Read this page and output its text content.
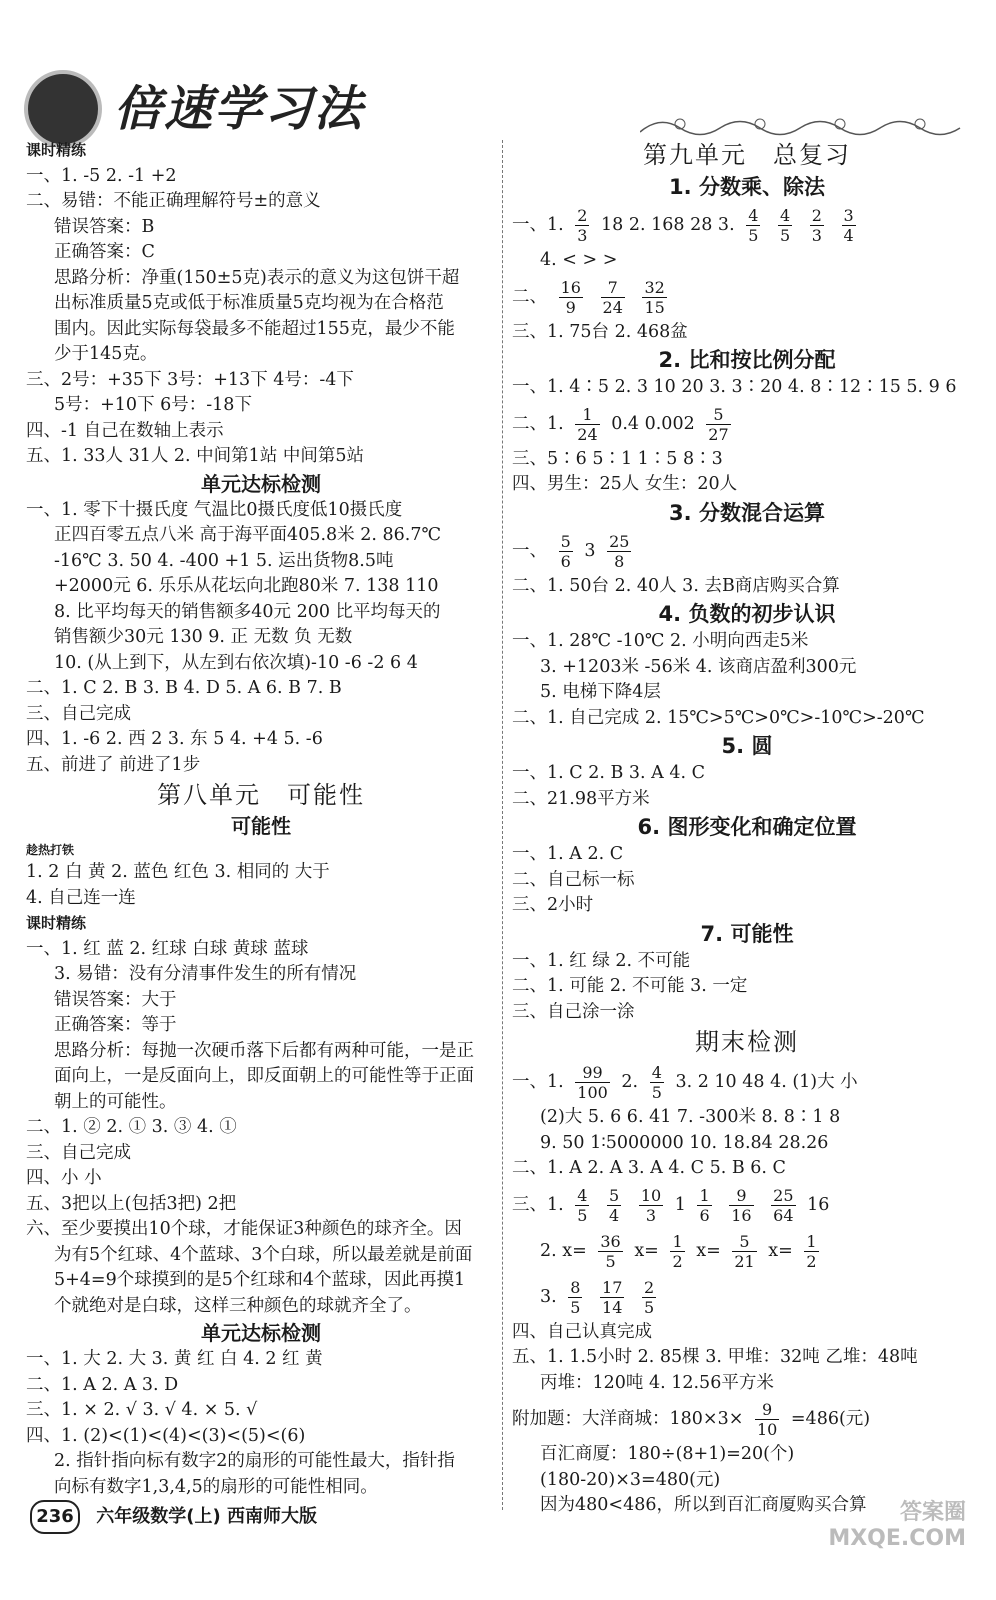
倍速学习法
课时精练
一、1. -5 2. -1 +2
二、易错：不能正确理解符号±的意义
错误答案：B
正确答案：C
思路分析：净重(150±5克)表示的意义为这包饼干超
出标准质量5克或低于标准质量5克均视为在合格范
围内。因此实际每袋最多不能超过155克，最少不能
少于145克。
三、2号：+35下 3号：+13下 4号：-4下
5号：+10下 6号：-18下
四、-1 自己在数轴上表示
五、1. 33人 31人 2. 中间第1站 中间第5站
单元达标检测
一、1. 零下十摄氏度 气温比0摄氏度低10摄氏度
正四百零五点八米 高于海平面405.8米 2. 86.7℃
-16℃ 3. 50 4. -400 +1 5. 运出货物8.5吨
+2000元 6. 乐乐从花坛向北跑80米 7. 138 110
8. 比平均每天的销售额多40元 200 比平均每天的
销售额少30元 130 9. 正 无数 负 无数
10. (从上到下，从左到右依次填)-10 -6 -2 6 4
二、1. C 2. B 3. B 4. D 5. A 6. B 7. B
三、自己完成
四、1. -6 2. 西 2 3. 东 5 4. +4 5. -6
五、前进了 前进了1步
第八单元　可能性
可能性
趁热打铁
1. 2 白 黄 2. 蓝色 红色 3. 相同的 大于
4. 自己连一连
课时精练
一、1. 红 蓝 2. 红球 白球 黄球 蓝球
3. 易错：没有分清事件发生的所有情况
错误答案：大于
正确答案：等于
思路分析：每抛一次硬币落下后都有两种可能，一是正
面向上，一是反面向上，即反面朝上的可能性等于正面
朝上的可能性。
二、1. ② 2. ① 3. ③ 4. ①
三、自己完成
四、小 小
五、3把以上(包括3把) 2把
六、至少要摸出10个球，才能保证3种颜色的球齐全。因
为有5个红球、4个蓝球、3个白球，所以最差就是前面
5+4=9个球摸到的是5个红球和4个蓝球，因此再摸1
个就绝对是白球，这样三种颜色的球就齐全了。
单元达标检测
一、1. 大 2. 大 3. 黄 红 白 4. 2 红 黄
二、1. A 2. A 3. D
三、1. × 2. √ 3. √ 4. × 5. √
四、1. (2)<(1)<(4)<(3)<(5)<(6)
2. 指针指向标有数字2的扇形的可能性最大，指针指
向标有数字1,3,4,5的扇形的可能性相同。
第九单元　总复习
1. 分数乘、除法
一、1. $\frac{2}{3} 18$ 2. 168 28 3. $\frac{4}{5}$
$\frac{4}{5}$
$\frac{2}{3}$
$\frac{3}{4}$
4. < > >
二、 $\frac{16}{9}$
$\frac{7}{24}$
$\frac{32}{15}$
三、1. 75台 2. 468盆
2. 比和按比例分配
一、1. 4∶5 2. 3 10 20 3. 3∶20 4. 8∶12∶15 5. 9 6
二、1. $\frac{1}{24} 0.4$ $0.002 \frac{5}{27}$
三、5∶6 5∶1 1∶5 8∶3
四、男生：25人 女生：20人
3. 分数混合运算
一、 $\frac{5}{6} 3 \frac{25}{8}$
二、1. 50台 2. 40人 3. 去B商店购买合算
4. 负数的初步认识
一、1. 28℃ -10℃ 2. 小明向西走5米
3. +1203米 -56米 4. 该商店盈利300元
5. 电梯下降4层
二、1. 自己完成 2. 15℃>5℃>0℃>-10℃>-20℃
5. 圆
一、1. C 2. B 3. A 4. C
二、21.98平方米
6. 图形变化和确定位置
一、1. A 2. C
二、自己标一标
三、2小时
7. 可能性
一、1. 红 绿 2. 不可能
二、1. 可能 2. 不可能 3. 一定
三、自己涂一涂
期末检测
一、1. $\frac{99}{100} 2$. $\frac{4}{5} 3$. 2 10 48 4. (1)大 小
(2)大 5. 6 6. 41 7. -300米 8. 8∶1 8
9. 50 1∶5000000 10. 18.84 28.26
二、1. A 2. A 3. A 4. C 5. B 6. C
三、1. $\frac{4}{5}$
$\frac{5}{4}$
$\frac{10}{3} 1 \frac{1}{6}$
$\frac{9}{16}$
$\frac{25}{64} 16$
2. $x= \frac{36}{5} x= \frac{1}{2} x= \frac{5}{21} x= \frac{1}{2}$
3. $\frac{8}{5}$
$\frac{17}{14}$
$\frac{2}{5}$
四、自己认真完成
五、1. 1.5小时 2. 85棵 3. 甲堆：32吨 乙堆：48吨
丙堆：120吨 4. 12.56平方米
附加题：大洋商城：$180\times 3\times \frac{9}{10} =486$(元)
百汇商厦：180÷(8+1)=20(个)
(180-20)×3=480(元)
因为480<486，所以到百汇商厦购买合算
236 六年级数学(上) 西南师大版	答案圈
MXQE.COM
